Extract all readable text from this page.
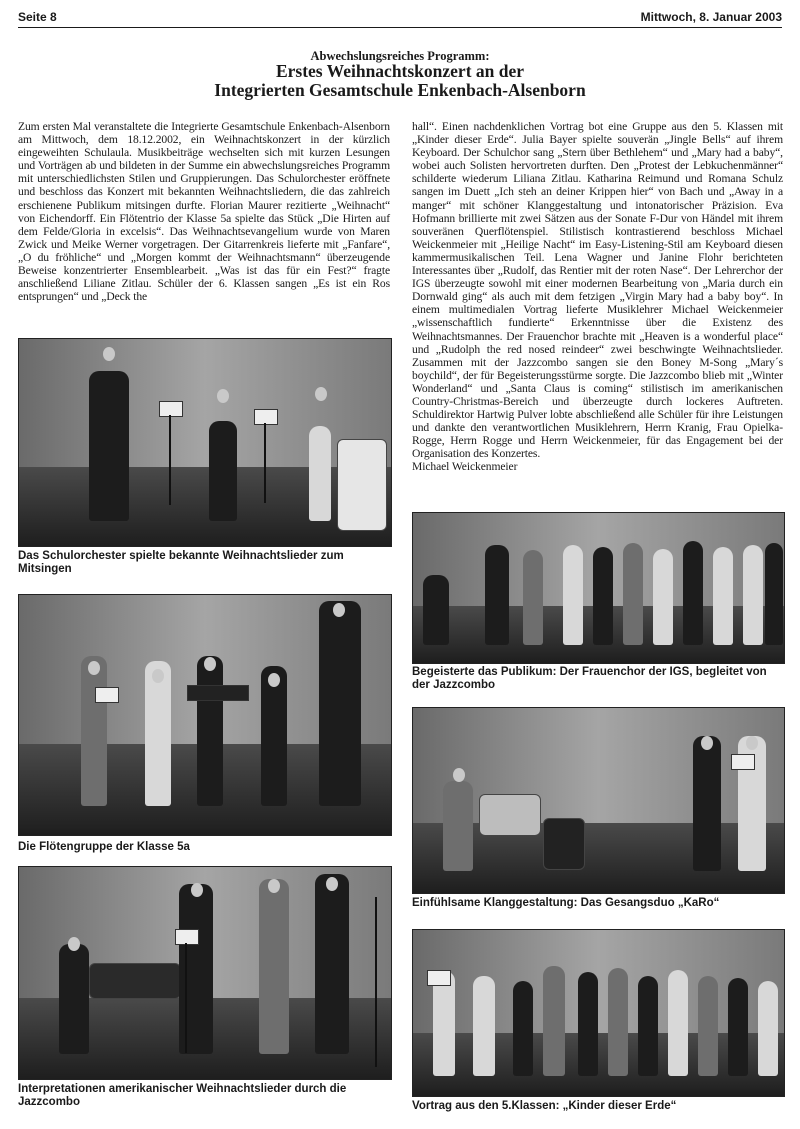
Seite 8	Mittwoch, 8. Januar 2003
Abwechslungsreiches Programm:
Erstes Weihnachtskonzert an der
Integrierten Gesamtschule Enkenbach-Alsenborn

Zum ersten Mal veranstaltete die Integrierte Gesamtschule Enkenbach-Alsenborn am Mittwoch, dem 18.12.2002, ein Weihnachtskonzert in der kürzlich eingeweihten Schulaula. Musikbeiträge wechselten sich mit kurzen Lesungen und Vorträgen ab und bildeten in der Summe ein abwechslungsreiches Programm mit unterschiedlichsten Stilen und Gruppierungen. Das Schulorchester eröffnete und beschloss das Konzert mit bekannten Weihnachtsliedern, die das zahlreich erschienene Publikum mitsingen durfte. Florian Maurer rezitierte „Weihnacht“ von Eichendorff. Ein Flötentrio der Klasse 5a spielte das Stück „Die Hirten auf dem Felde/Gloria in excelsis“. Das Weihnachtsevangelium wurde von Maren Zwick und Meike Werner vorgetragen. Der Gitarrenkreis lieferte mit „Fanfare“, „O du fröhliche“ und „Morgen kommt der Weihnachtsmann“ überzeugende Beweise konzentrierter Ensemblearbeit. „Was ist das für ein Fest?“ fragte anschließend Liliane Zitlau. Schüler der 6. Klassen sangen „Es ist ein Ros entsprungen“ und „Deck the

hall“. Einen nachdenklichen Vortrag bot eine Gruppe aus den 5. Klassen mit „Kinder dieser Erde“. Julia Bayer spielte souverän „Jingle Bells“ auf ihrem Keyboard. Der Schulchor sang „Stern über Bethlehem“ und „Mary had a baby“, wobei auch Solisten hervortreten durften. Den „Protest der Lebkuchenmänner“ schilderte wiederum Liliana Zitlau. Katharina Reimund und Romana Schulz sangen im Duett „Ich steh an deiner Krippen hier“ von Bach und „Away in a manger“ mit schöner Klanggestaltung und intonatorischer Präzision. Eva Hofmann brillierte mit zwei Sätzen aus der Sonate F-Dur von Händel mit ihrem souveränen Querflötenspiel. Stilistisch kontrastierend beschloss Michael Weickenmeier mit „Heilige Nacht“ im Easy-Listening-Stil am Keyboard diesen kammermusikalischen Teil. Lena Wagner und Janine Flohr berichteten Interessantes über „Rudolf, das Rentier mit der roten Nase“. Der Lehrerchor der IGS überzeugte sowohl mit einer modernen Bearbeitung von „Maria durch ein Dornwald ging“ als auch mit dem fetzigen „Virgin Mary had a baby boy“. In einem multimedialen Vortrag lieferte Musiklehrer Michael Weickenmeier „wissenschaftlich fundierte“ Erkenntnisse über die Existenz des Weihnachtsmannes. Der Frauenchor brachte mit „Heaven is a wonderful place“ und „Rudolph the red nosed reindeer“ zwei beschwingte Weihnachtslieder. Zusammen mit der Jazzcombo sangen sie den Boney M-Song „Mary´s boychild“, der für Begeisterungsstürme sorgte. Die Jazzcombo blieb mit „Winter Wonderland“ und „Santa Claus is coming“ stilistisch im amerikanischen Country-Christmas-Bereich und überzeugte durch lockeres Auftreten. Schuldirektor Hartwig Pulver lobte abschließend alle Schüler für ihre Leistungen und dankte den verantwortlichen Musiklehrern, Herrn Kranig, Frau Opielka-Rogge, Herrn Rogge und Herrn Weickenmeier, für das Engagement bei der Organisation des Konzertes.
Michael Weickenmeier
Das Schulorchester spielte bekannte Weihnachtslieder zum Mitsingen
Die Flötengruppe der Klasse 5a
Interpretationen amerikanischer Weihnachtslieder durch die Jazzcombo
Begeisterte das Publikum: Der Frauenchor der IGS, begleitet von der Jazzcombo
Einfühlsame Klanggestaltung: Das Gesangsduo „KaRo“
Vortrag aus den 5.Klassen: „Kinder dieser Erde“
